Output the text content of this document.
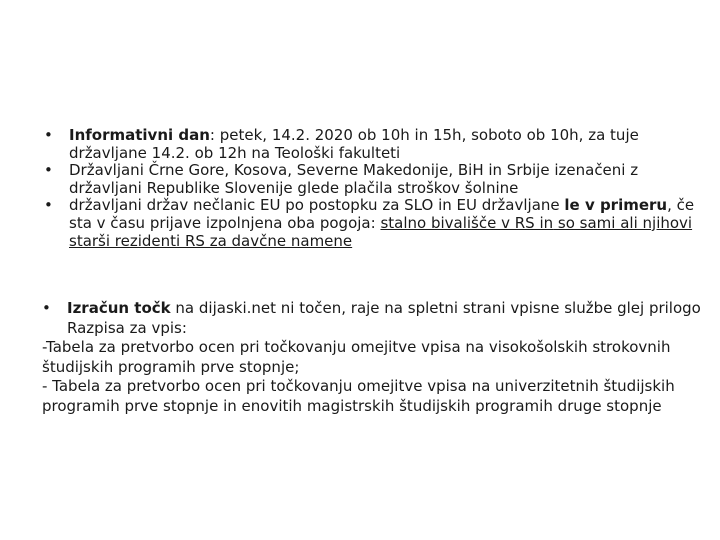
•	Informativni dan: petek, 14.2. 2020 ob 10h in 15h, soboto ob 10h, za tuje državljane 14.2. ob 12h na Teološki fakulteti

•	Državljani Črne Gore, Kosova, Severne Makedonije, BiH in Srbije izenačeni z državljani Republike Slovenije glede plačila stroškov šolnine

•	državljani držav nečlanic EU po postopku za SLO in EU državljane le v primeru, če sta v času prijave izpolnjena oba pogoja: stalno bivališče v RS in so sami ali njihovi starši rezidenti RS za davčne namene

•	Izračun točk na dijaski.net ni točen, raje na spletni strani vpisne službe glej prilogo Razpisa za vpis:

-Tabela za pretvorbo ocen pri točkovanju omejitve vpisa na visokošolskih strokovnih študijskih programih prve stopnje;

- Tabela za pretvorbo ocen pri točkovanju omejitve vpisa na univerzitetnih študijskih programih prve stopnje in enovitih magistrskih študijskih programih druge stopnje
